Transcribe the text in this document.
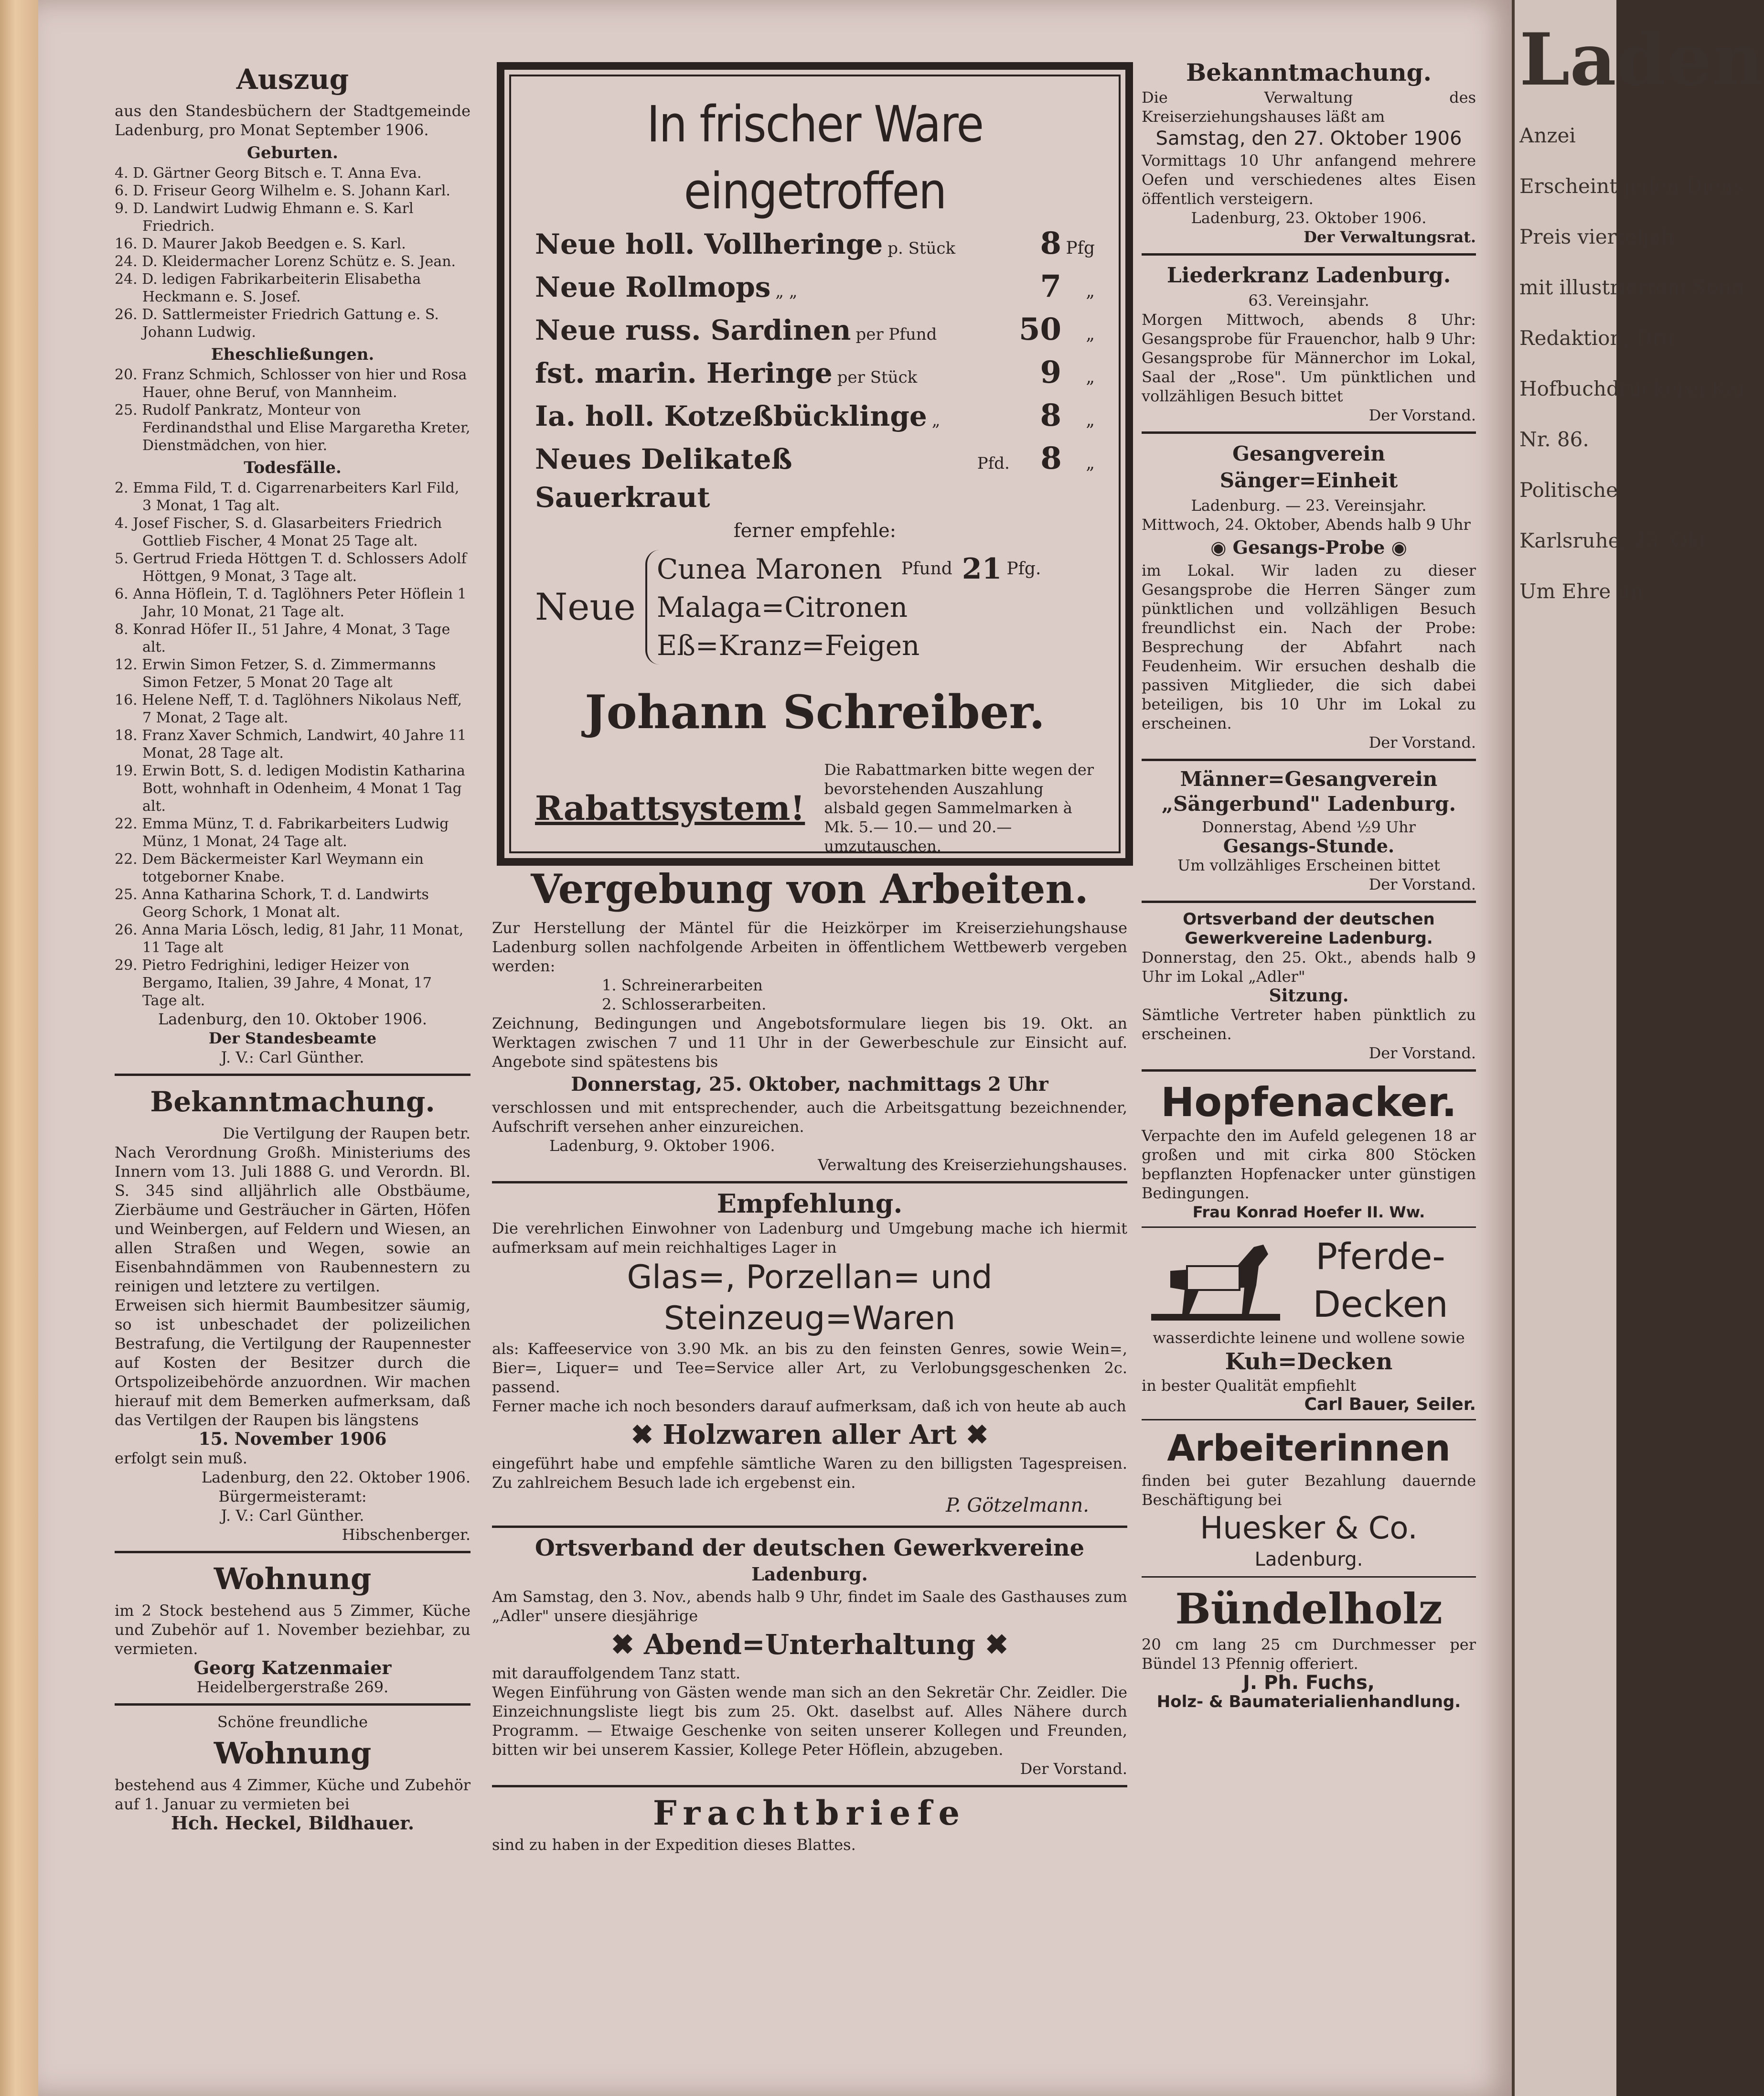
Auszug

aus den Standesbüchern der Stadtgemeinde Ladenburg, pro Monat September 1906.

Geburten.

4. D. Gärtner Georg Bitsch e. T. Anna Eva.

6. D. Friseur Georg Wilhelm e. S. Johann Karl.

9. D. Landwirt Ludwig Ehmann e. S. Karl Friedrich.

16. D. Maurer Jakob Beedgen e. S. Karl.

24. D. Kleidermacher Lorenz Schütz e. S. Jean.

24. D. ledigen Fabrikarbeiterin Elisabetha Heckmann e. S. Josef.

26. D. Sattlermeister Friedrich Gattung e. S. Johann Ludwig.

Eheschließungen.

20. Franz Schmich, Schlosser von hier und Rosa Hauer, ohne Beruf, von Mannheim.

25. Rudolf Pankratz, Monteur von Ferdinandsthal und Elise Margaretha Kreter, Dienstmädchen, von hier.

Todesfälle.

2. Emma Fild, T. d. Cigarrenarbeiters Karl Fild, 3 Monat, 1 Tag alt.

4. Josef Fischer, S. d. Glasarbeiters Friedrich Gottlieb Fischer, 4 Monat 25 Tage alt.

5. Gertrud Frieda Höttgen T. d. Schlossers Adolf Höttgen, 9 Monat, 3 Tage alt.

6. Anna Höflein, T. d. Taglöhners Peter Höflein 1 Jahr, 10 Monat, 21 Tage alt.

8. Konrad Höfer II., 51 Jahre, 4 Monat, 3 Tage alt.

12. Erwin Simon Fetzer, S. d. Zimmermanns Simon Fetzer, 5 Monat 20 Tage alt

16. Helene Neff, T. d. Taglöhners Nikolaus Neff, 7 Monat, 2 Tage alt.

18. Franz Xaver Schmich, Landwirt, 40 Jahre 11 Monat, 28 Tage alt.

19. Erwin Bott, S. d. ledigen Modistin Katharina Bott, wohnhaft in Odenheim, 4 Monat 1 Tag alt.

22. Emma Münz, T. d. Fabrikarbeiters Ludwig Münz, 1 Monat, 24 Tage alt.

22. Dem Bäckermeister Karl Weymann ein totgeborner Knabe.

25. Anna Katharina Schork, T. d. Landwirts Georg Schork, 1 Monat alt.

26. Anna Maria Lösch, ledig, 81 Jahr, 11 Monat, 11 Tage alt

29. Pietro Fedrighini, lediger Heizer von Bergamo, Italien, 39 Jahre, 4 Monat, 17 Tage alt.

Ladenburg, den 10. Oktober 1906.

Der Standesbeamte

J. V.: Carl Günther.

Bekanntmachung.

Die Vertilgung der Raupen betr.

Nach Verordnung Großh. Ministeriums des Innern vom 13. Juli 1888 G. und Verordn. Bl. S. 345 sind alljährlich alle Obstbäume, Zierbäume und Gesträucher in Gärten, Höfen und Weinbergen, auf Feldern und Wiesen, an allen Straßen und Wegen, sowie an Eisenbahndämmen von Raubennestern zu reinigen und letztere zu vertilgen.

Erweisen sich hiermit Baumbesitzer säumig, so ist unbeschadet der polizeilichen Bestrafung, die Vertilgung der Raupennester auf Kosten der Besitzer durch die Ortspolizeibehörde anzuordnen. Wir machen hierauf mit dem Bemerken aufmerksam, daß das Vertilgen der Raupen bis längstens

15. November 1906

erfolgt sein muß.

Ladenburg, den 22. Oktober 1906.

Bürgermeisteramt:

J. V.: Carl Günther.

Hibschenberger.

Wohnung

im 2 Stock bestehend aus 5 Zimmer, Küche und Zubehör auf 1. November beziehbar, zu vermieten.

Georg Katzenmaier

Heidelbergerstraße 269.

Schöne freundliche

Wohnung

bestehend aus 4 Zimmer, Küche und Zubehör auf 1. Januar zu vermieten bei

Hch. Heckel, Bildhauer.

In frischer Ware eingetroffen
Neue holl. Vollheringe p. Stück	8 Pfg
Neue Rollmops „ „	7	„
Neue russ. Sardinen per Pfund	50	„
fst. marin. Heringe per Stück	9	„
Ia. holl. Kotzeßbücklinge „	8	„
Neues Delikateß Sauerkraut
Pfd.	8	„

ferner empfehle:

Neue
Cunea Maronen Pfund 21 Pfg.
Malaga=Citronen
Eß=Kranz=Feigen
Johann Schreiber.
Rabattsystem!
Die Rabattmarken bitte wegen der bevorstehenden Auszahlung alsbald gegen Sammelmarken à Mk. 5.— 10.— und 20.— umzutauschen.
Vergebung von Arbeiten.

Zur Herstellung der Mäntel für die Heizkörper im Kreiserziehungshause Ladenburg sollen nachfolgende Arbeiten in öffentlichem Wettbewerb vergeben werden:

1. Schreinerarbeiten

2. Schlosserarbeiten.

Zeichnung, Bedingungen und Angebotsformulare liegen bis 19. Okt. an Werktagen zwischen 7 und 11 Uhr in der Gewerbeschule zur Einsicht auf. Angebote sind spätestens bis

Donnerstag, 25. Oktober, nachmittags 2 Uhr

verschlossen und mit entsprechender, auch die Arbeitsgattung bezeichnender, Aufschrift versehen anher einzureichen.

Ladenburg, 9. Oktober 1906.

Verwaltung des Kreiserziehungshauses.

Empfehlung.

Die verehrlichen Einwohner von Ladenburg und Umgebung mache ich hiermit aufmerksam auf mein reichhaltiges Lager in

Glas=, Porzellan= und Steinzeug=Waren

als: Kaffeeservice von 3.90 Mk. an bis zu den feinsten Genres, sowie Wein=, Bier=, Liquer= und Tee=Service aller Art, zu Verlobungsgeschenken 2c. passend.

Ferner mache ich noch besonders darauf aufmerksam, daß ich von heute ab auch

✖ Holzwaren aller Art ✖

eingeführt habe und empfehle sämtliche Waren zu den billigsten Tagespreisen. Zu zahlreichem Besuch lade ich ergebenst ein.

P. Götzelmann.

Ortsverband der deutschen Gewerkvereine
Ladenburg.

Am Samstag, den 3. Nov., abends halb 9 Uhr, findet im Saale des Gasthauses zum „Adler" unsere diesjährige

✖ Abend=Unterhaltung ✖

mit darauffolgendem Tanz statt.

Wegen Einführung von Gästen wende man sich an den Sekretär Chr. Zeidler. Die Einzeichnungsliste liegt bis zum 25. Okt. daselbst auf. Alles Nähere durch Programm. — Etwaige Geschenke von seiten unserer Kollegen und Freunden, bitten wir bei unserem Kassier, Kollege Peter Höflein, abzugeben.

Der Vorstand.

Frachtbriefe

sind zu haben in der Expedition dieses Blattes.

Bekanntmachung.

Die Verwaltung des Kreiserziehungshauses läßt am

Samstag, den 27. Oktober 1906

Vormittags 10 Uhr anfangend mehrere Oefen und verschiedenes altes Eisen öffentlich versteigern.

Ladenburg, 23. Oktober 1906.

Der Verwaltungsrat.

Liederkranz Ladenburg.

63. Vereinsjahr.

Morgen Mittwoch, abends 8 Uhr: Gesangsprobe für Frauenchor, halb 9 Uhr: Gesangsprobe für Männerchor im Lokal, Saal der „Rose". Um pünktlichen und vollzähligen Besuch bittet

Der Vorstand.

Gesangverein Sänger=Einheit

Ladenburg. — 23. Vereinsjahr.

Mittwoch, 24. Oktober, Abends halb 9 Uhr

◉ Gesangs-Probe ◉

im Lokal. Wir laden zu dieser Gesangsprobe die Herren Sänger zum pünktlichen und vollzähligen Besuch freundlichst ein. Nach der Probe: Besprechung der Abfahrt nach Feudenheim. Wir ersuchen deshalb die passiven Mitglieder, die sich dabei beteiligen, bis 10 Uhr im Lokal zu erscheinen.

Der Vorstand.

Männer=Gesangverein
„Sängerbund" Ladenburg.

Donnerstag, Abend ½9 Uhr

Gesangs-Stunde.

Um vollzähliges Erscheinen bittet

Der Vorstand.

Ortsverband der deutschen Gewerkvereine Ladenburg.

Donnerstag, den 25. Okt., abends halb 9 Uhr im Lokal „Adler"

Sitzung.

Sämtliche Vertreter haben pünktlich zu erscheinen.

Der Vorstand.

Hopfenacker.

Verpachte den im Aufeld gelegenen 18 ar großen und mit cirka 800 Stöcken bepflanzten Hopfenacker unter günstigen Bedingungen.

Frau Konrad Hoefer II. Ww.

Pferde-
Decken

wasserdichte leinene und wollene sowie

Kuh=Decken

in bester Qualität empfiehlt

Carl Bauer, Seiler.

Arbeiterinnen

finden bei guter Bezahlung dauernde Beschäftigung bei

Huesker & Co.

Ladenburg.

Bündelholz

20 cm lang 25 cm Durchmesser per Bündel 13 Pfennig offeriert.

J. Ph. Fuchs,

Holz- & Baumaterialienhandlung.

Laden

Anzei

Erscheint jeden Diens

Preis vierteljäh

mit illustriertem Sonn

Redaktion, Dru

Hofbuchdruckerei Kar

Nr. 86.

Politische

Karlsruhe, 23. Okt.

Um Ehre un
